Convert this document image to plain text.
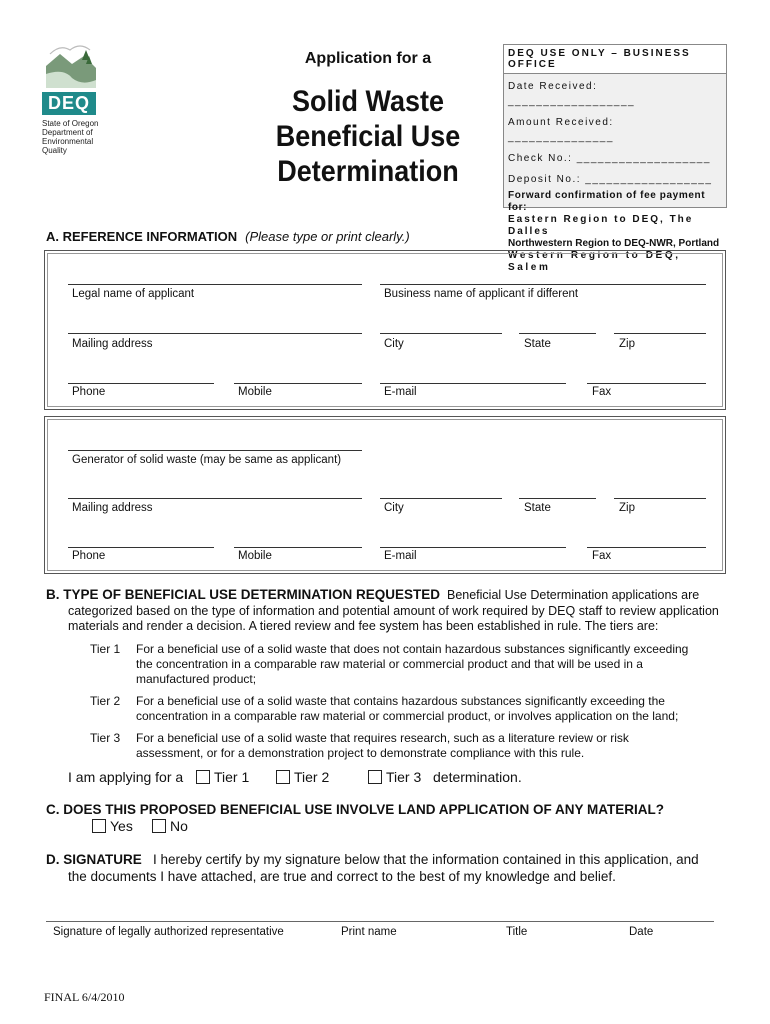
DEQ
State of Oregon
Department of
Environmental
Quality
Application for a
Solid Waste
Beneficial Use
Determination
DEQ USE ONLY – BUSINESS OFFICE
Date Received: __________________
Amount Received: _______________
Check No.: ___________________
Deposit No.: __________________
Forward confirmation of fee payment for:
Eastern Region to DEQ, The Dalles
Northwestern Region to DEQ-NWR, Portland
Western Region to DEQ, Salem
A. REFERENCE INFORMATION (Please type or print clearly.)
Legal name of applicant	Business name of applicant if different
Mailing address	City	State	Zip
Phone	Mobile	E-mail	Fax
Generator of solid waste (may be same as applicant)
Mailing address	City	State	Zip
Phone	Mobile	E-mail	Fax
B. TYPE OF BENEFICIAL USE DETERMINATION REQUESTED Beneficial Use Determination applications are
categorized based on the type of information and potential amount of work required by DEQ staff to review application
materials and render a decision. A tiered review and fee system has been established in rule. The tiers are:
Tier 1 For a beneficial use of a solid waste that does not contain hazardous substances significantly exceeding
the concentration in a comparable raw material or commercial product and that will be used in a
manufactured product;
Tier 2 For a beneficial use of a solid waste that contains hazardous substances significantly exceeding the
concentration in a comparable raw material or commercial product, or involves application on the land;
Tier 3 For a beneficial use of a solid waste that requires research, such as a literature review or risk
assessment, or for a demonstration project to demonstrate compliance with this rule.
I am applying for a	Tier 1	Tier 2	Tier 3 determination.
C. DOES THIS PROPOSED BENEFICIAL USE INVOLVE LAND APPLICATION OF ANY MATERIAL?
Yes	No
D. SIGNATURE I hereby certify by my signature below that the information contained in this application, and
the documents I have attached, are true and correct to the best of my knowledge and belief.
Signature of legally authorized representative	Print name	Title	Date
FINAL 6/4/2010
